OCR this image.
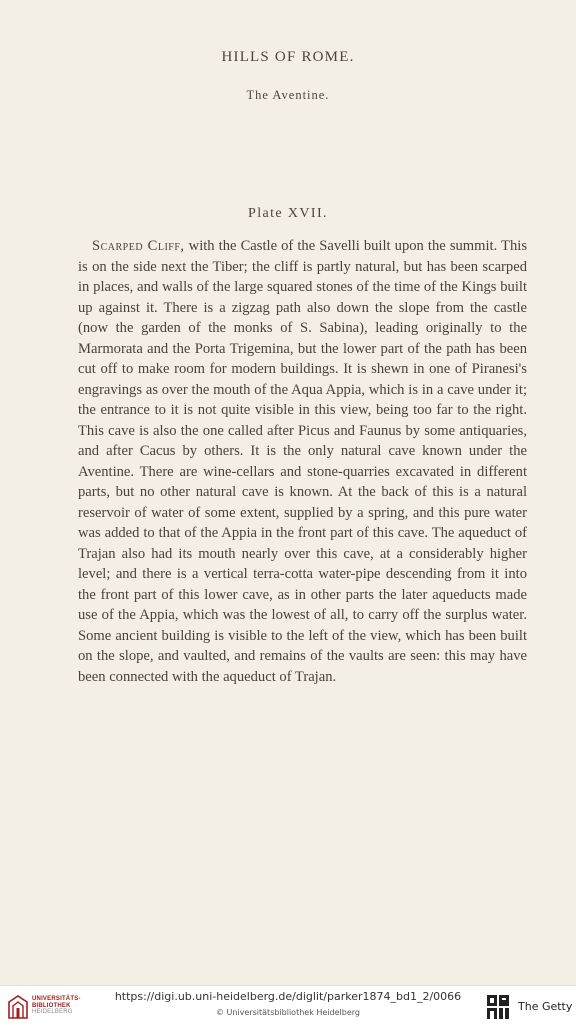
HILLS OF ROME.
The Aventine.
Plate XVII.

Scarped Cliff, with the Castle of the Savelli built upon the summit. This is on the side next the Tiber; the cliff is partly natural, but has been scarped in places, and walls of the large squared stones of the time of the Kings built up against it. There is a zigzag path also down the slope from the castle (now the garden of the monks of S. Sabina), leading originally to the Marmorata and the Porta Trigemina, but the lower part of the path has been cut off to make room for modern buildings. It is shewn in one of Piranesi's engravings as over the mouth of the Aqua Appia, which is in a cave under it; the entrance to it is not quite visible in this view, being too far to the right. This cave is also the one called after Picus and Faunus by some antiquaries, and after Cacus by others. It is the only natural cave known under the Aventine. There are wine-cellars and stone-quarries excavated in different parts, but no other natural cave is known. At the back of this is a natural reservoir of water of some extent, supplied by a spring, and this pure water was added to that of the Appia in the front part of this cave. The aqueduct of Trajan also had its mouth nearly over this cave, at a considerably higher level; and there is a vertical terra-cotta water-pipe descending from it into the front part of this lower cave, as in other parts the later aqueducts made use of the Appia, which was the lowest of all, to carry off the surplus water. Some ancient building is visible to the left of the view, which has been built on the slope, and vaulted, and remains of the vaults are seen: this may have been connected with the aqueduct of Trajan.

UNIVERSITÄTS-
BIBLIOTHEK
HEIDELBERG
https://digi.ub.uni-heidelberg.de/diglit/parker1874_bd1_2/0066
© Universitätsbibliothek Heidelberg	The Getty
